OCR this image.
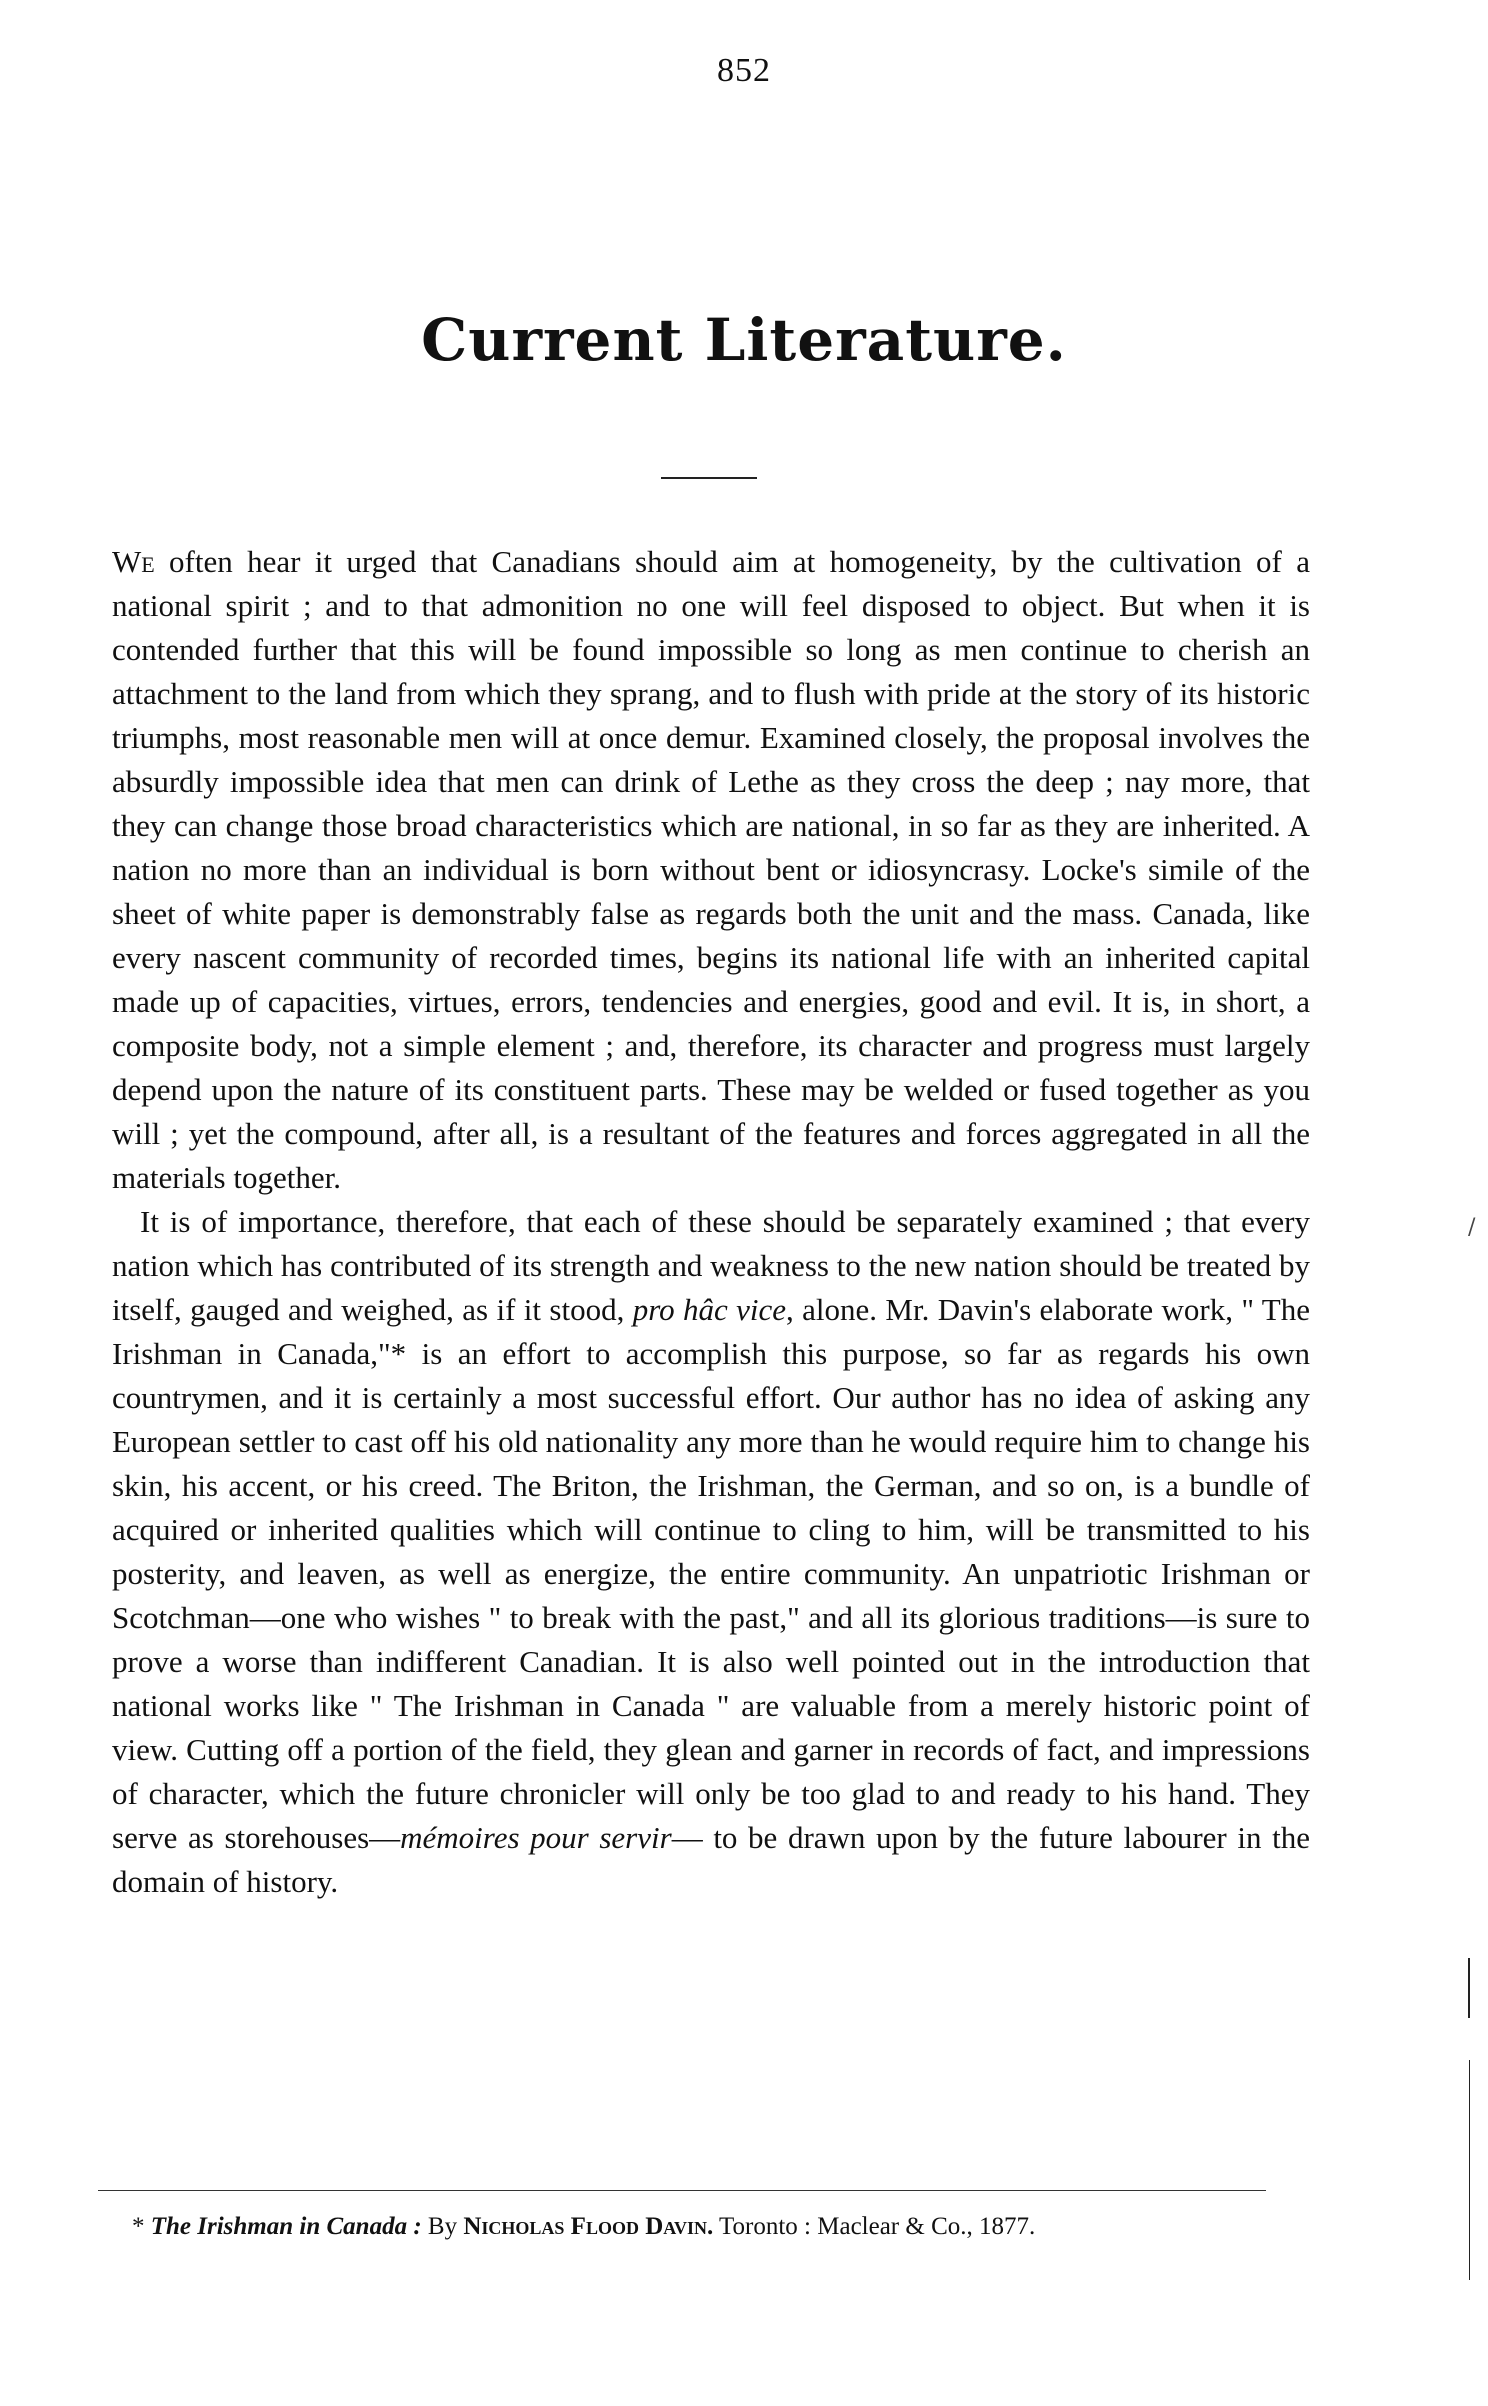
852
Current Literature.

We often hear it urged that Canadians should aim at homogeneity, by the cultivation of a national spirit ; and to that admonition no one will feel disposed to object. But when it is contended further that this will be found impossible so long as men continue to cherish an attachment to the land from which they sprang, and to flush with pride at the story of its historic triumphs, most reasonable men will at once demur. Examined closely, the proposal involves the absurdly impossible idea that men can drink of Lethe as they cross the deep ; nay more, that they can change those broad characteristics which are national, in so far as they are inherited. A nation no more than an individual is born without bent or idiosyncrasy. Locke's simile of the sheet of white paper is demonstrably false as regards both the unit and the mass. Canada, like every nascent community of recorded times, begins its national life with an inherited capital made up of capacities, virtues, errors, tendencies and energies, good and evil. It is, in short, a composite body, not a simple element ; and, therefore, its character and progress must largely depend upon the nature of its constituent parts. These may be welded or fused together as you will ; yet the compound, after all, is a resultant of the features and forces aggregated in all the materials together.

It is of importance, therefore, that each of these should be separately examined ; that every nation which has contributed of its strength and weakness to the new nation should be treated by itself, gauged and weighed, as if it stood, pro hâc vice, alone. Mr. Davin's elaborate work, " The Irishman in Canada,"* is an effort to accomplish this purpose, so far as regards his own countrymen, and it is certainly a most successful effort. Our author has no idea of asking any European settler to cast off his old nationality any more than he would require him to change his skin, his accent, or his creed. The Briton, the Irishman, the German, and so on, is a bundle of acquired or inherited qualities which will continue to cling to him, will be transmitted to his posterity, and leaven, as well as energize, the entire community. An unpatriotic Irishman or Scotchman—one who wishes " to break with the past," and all its glorious traditions—is sure to prove a worse than indifferent Canadian. It is also well pointed out in the introduction that national works like " The Irishman in Canada " are valuable from a merely historic point of view. Cutting off a portion of the field, they glean and garner in records of fact, and impressions of character, which the future chronicler will only be too glad to and ready to his hand. They serve as storehouses—mémoires pour servir— to be drawn upon by the future labourer in the domain of history.

* The Irishman in Canada : By Nicholas Flood Davin. Toronto : Maclear & Co., 1877.
/
